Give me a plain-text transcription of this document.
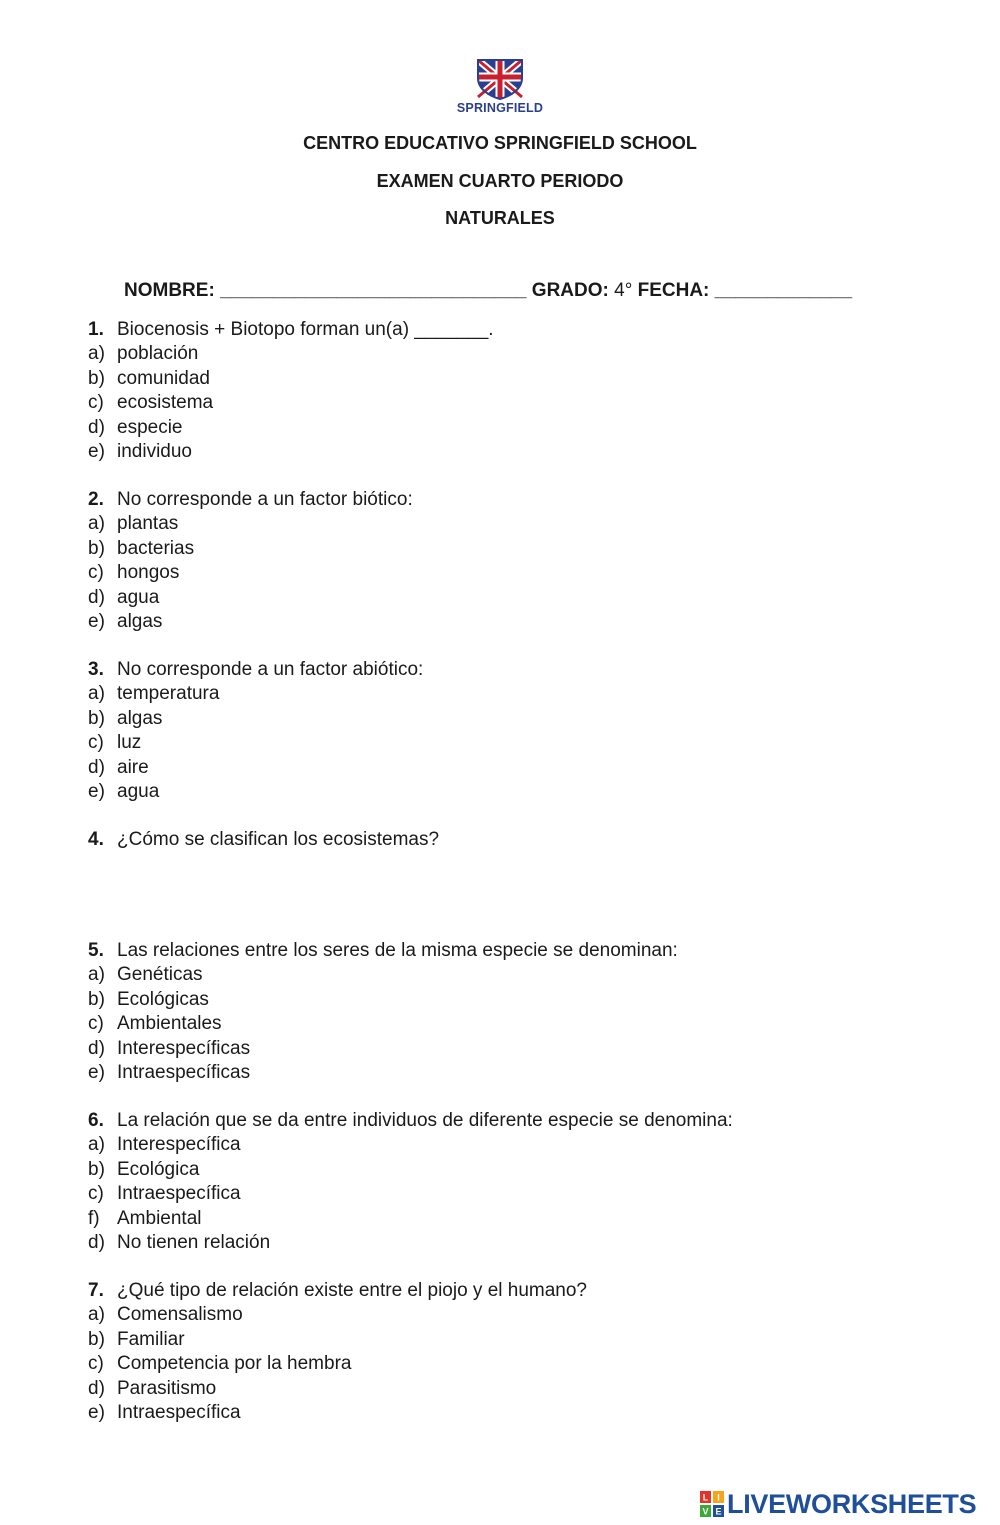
SPRINGFIELD
CENTRO EDUCATIVO SPRINGFIELD SCHOOL
EXAMEN CUARTO PERIODO
NATURALES
NOMBRE: _____________________________ GRADO: 4° FECHA: _____________
1. Biocenosis + Biotopo forman un(a) _______.
a) población
b) comunidad
c) ecosistema
d) especie
e) individuo
2. No corresponde a un factor biótico:
a) plantas
b) bacterias
c) hongos
d) agua
e) algas
3. No corresponde a un factor abiótico:
a) temperatura
b) algas
c) luz
d) aire
e) agua
4. ¿Cómo se clasifican los ecosistemas?
5. Las relaciones entre los seres de la misma especie se denominan:
a) Genéticas
b) Ecológicas
c) Ambientales
d) Interespecíficas
e) Intraespecíficas
6. La relación que se da entre individuos de diferente especie se denomina:
a) Interespecífica
b) Ecológica
c) Intraespecífica
f) Ambiental
d) No tienen relación
7. ¿Qué tipo de relación existe entre el piojo y el humano?
a) Comensalismo
b) Familiar
c) Competencia por la hembra
d) Parasitismo
e) Intraespecífica
L I
V E LIVEWORKSHEETS
